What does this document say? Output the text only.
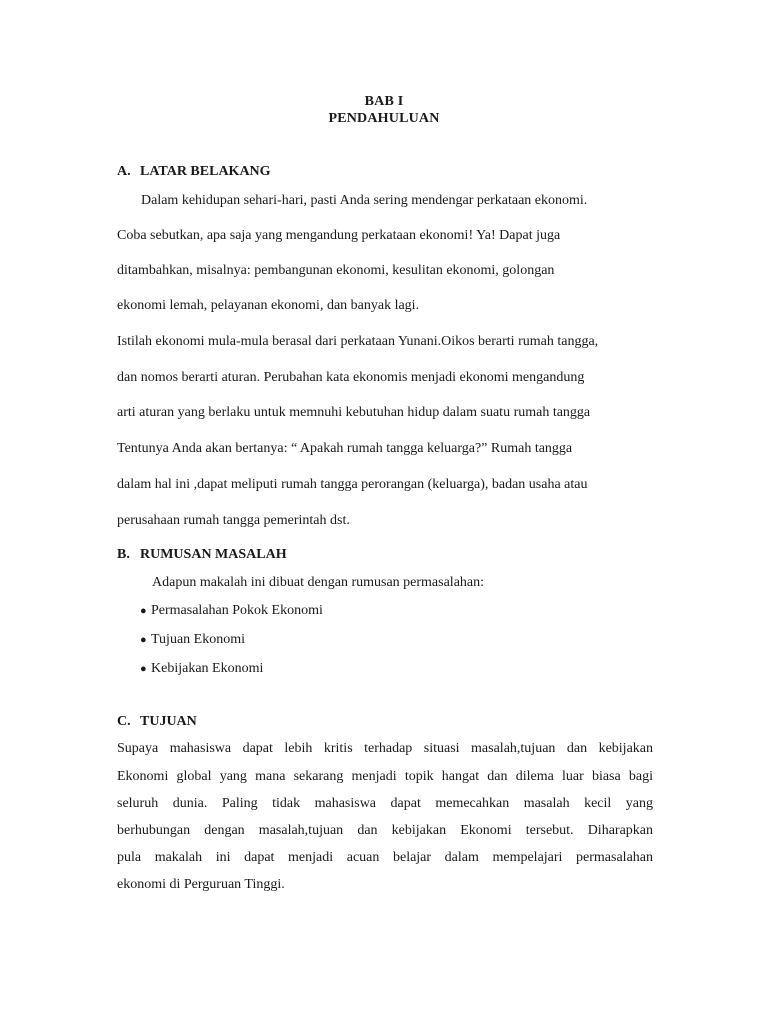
BAB I
PENDAHULUAN
A. LATAR BELAKANG
Dalam kehidupan sehari-hari, pasti Anda sering mendengar perkataan ekonomi.
Coba sebutkan, apa saja yang mengandung perkataan ekonomi! Ya! Dapat juga
ditambahkan, misalnya: pembangunan ekonomi, kesulitan ekonomi, golongan
ekonomi lemah, pelayanan ekonomi, dan banyak lagi.
Istilah ekonomi mula-mula berasal dari perkataan Yunani.Oikos berarti rumah tangga,
dan nomos berarti aturan. Perubahan kata ekonomis menjadi ekonomi mengandung
arti aturan yang berlaku untuk memnuhi kebutuhan hidup dalam suatu rumah tangga
Tentunya Anda akan bertanya: “ Apakah rumah tangga keluarga?” Rumah tangga
dalam hal ini ,dapat meliputi rumah tangga perorangan (keluarga), badan usaha atau
perusahaan rumah tangga pemerintah dst.
B. RUMUSAN MASALAH
Adapun makalah ini dibuat dengan rumusan permasalahan:
● Permasalahan Pokok Ekonomi
● Tujuan Ekonomi
● Kebijakan Ekonomi
C. TUJUAN
Supaya mahasiswa dapat lebih kritis terhadap situasi masalah,tujuan dan kebijakan
Ekonomi global yang mana sekarang menjadi topik hangat dan dilema luar biasa bagi
seluruh dunia. Paling tidak mahasiswa dapat memecahkan masalah kecil yang
berhubungan dengan masalah,tujuan dan kebijakan Ekonomi tersebut. Diharapkan
pula makalah ini dapat menjadi acuan belajar dalam mempelajari permasalahan
ekonomi di Perguruan Tinggi.
